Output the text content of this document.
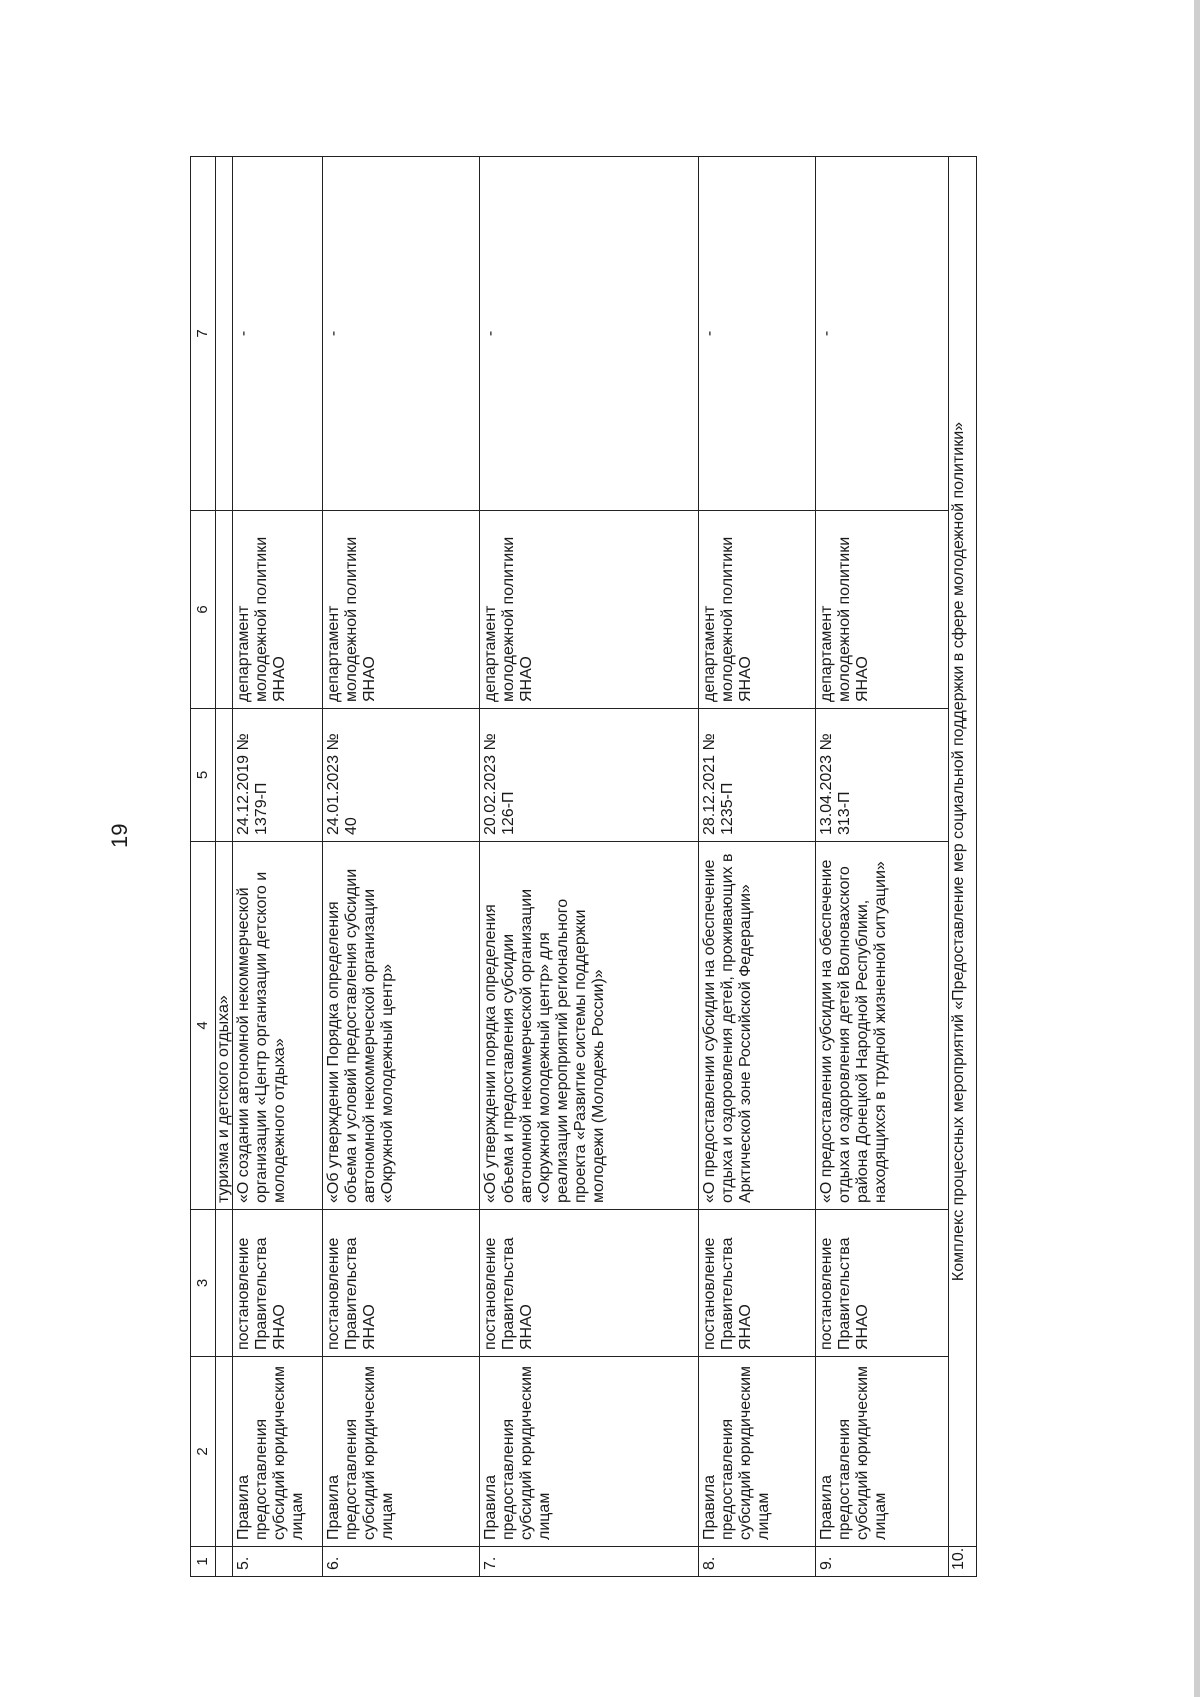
19
1	2	3	4	5	6	7
			туризма и детского отдыха»			
5.	Правила предоставления субсидий юридическим лицам	постановление Правительства ЯНАО	«О создании автономной некоммерческой организации «Центр организации детского и молодежного отдыха»	24.12.2019 № 1379-П	департамент молодежной политики ЯНАО	-
6.	Правила предоставления субсидий юридическим лицам	постановление Правительства ЯНАО	«Об утверждении Порядка определения объема и условий предоставления субсидии автономной некоммерческой организации «Окружной молодежный центр»	24.01.2023 № 40	департамент молодежной политики ЯНАО	-
7.	Правила предоставления субсидий юридическим лицам	постановление Правительства ЯНАО	«Об утверждении порядка определения объема и предоставления субсидии автономной некоммерческой организации «Окружной молодежный центр» для реализации мероприятий регионального проекта «Развитие системы поддержки молодежи (Молодежь России)»	20.02.2023 № 126-П	департамент молодежной политики ЯНАО	-
8.	Правила предоставления субсидий юридическим лицам	постановление Правительства ЯНАО	«О предоставлении субсидии на обеспечение отдыха и оздоровления детей, проживающих в Арктической зоне Российской Федерации»	28.12.2021 № 1235-П	департамент молодежной политики ЯНАО	-
9.	Правила предоставления субсидий юридическим лицам	постановление Правительства ЯНАО	«О предоставлении субсидии на обеспечение отдыха и оздоровления детей Волноваxского района Донецкой Народной Республики, находящихся в трудной жизненной ситуации»	13.04.2023 № 313-П	департамент молодежной политики ЯНАО	-
10.	Комплекс процессных мероприятий «Предоставление мер социальной поддержки в сфере молодежной политики»					
